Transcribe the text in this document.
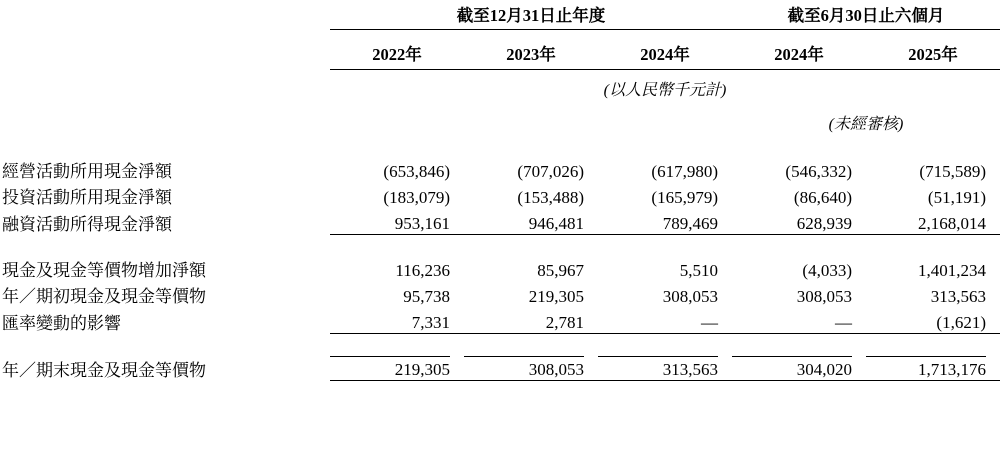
	截至12月31日止年度			截至6月30日止六個月	
	2022年	2023年	2024年	2024年	2025年
	(以人民幣千元計)				
				(未經審核)	

經營活動所用現金淨額	(653,846)	(707,026)	(617,980)	(546,332)	(715,589)
投資活動所用現金淨額	(183,079)	(153,488)	(165,979)	(86,640)	(51,191)
融資活動所得現金淨額	953,161	946,481	789,469	628,939	2,168,014

現金及現金等價物增加淨額	116,236	85,967	5,510	(4,033)	1,401,234
年／期初現金及現金等價物	95,738	219,305	308,053	308,053	313,563
匯率變動的影響	7,331	2,781	—	—	(1,621)

年／期末現金及現金等價物	219,305	308,053	313,563	304,020	1,713,176
